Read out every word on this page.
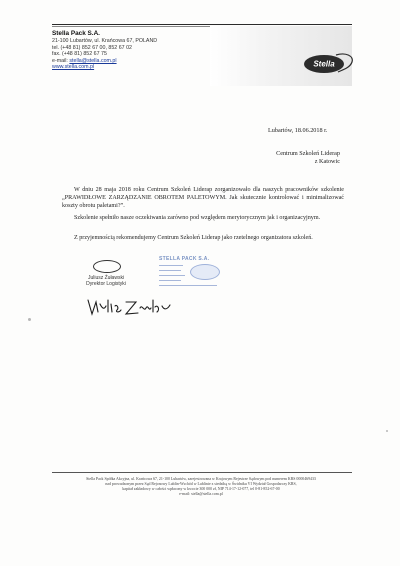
Stella Pack S.A.
21-100 Lubartów, ul. Krańcowa 67, POLAND
tel. (+48 81) 852 67 00, 852 67 02
fax. (+48 81) 852 67 75
e-mail: stella@stella.com.pl
www.stella.com.pl	Stella
Lubartów, 18.06.2018 r.
Centrum Szkoleń Liderap
z Katowic
W dniu 28 maja 2018 roku Centrum Szkoleń Liderap zorganizowało dla naszych pracowników szkolenie „PRAWIDŁOWE ZARZĄDZANIE OBROTEM PALETOWYM. Jak skutecznie kontrolować i minimalizować koszty obrotu paletami?”.
Szkolenie spełniło nasze oczekiwania zarówno pod względem merytorycznym jak i organizacyjnym.
Z przyjemnością rekomendujemy Centrum Szkoleń Liderap jako rzetelnego organizatora szkoleń.
Juliusz Żuławski
Dyrektor Logistyki
STELLA PACK S.A.
Stella Pack Spółka Akcyjna, ul. Krańcowa 67, 21-100 Lubartów, zarejestrowana w Krajowym Rejestrze Sądowym pod numerem KRS 0000469433
nad prowadzonym przez Sąd Rejonowy Lublin-Wschód w Lublinie z siedzibą w Świdniku VI Wydział Gospodarczy KRS,
kapitał zakładowy w całości wpłacony w kwocie 300 000 zł, NIP 714-17-12-077, tel 0-81-852-67-00
e-mail: stella@stella.com.pl
